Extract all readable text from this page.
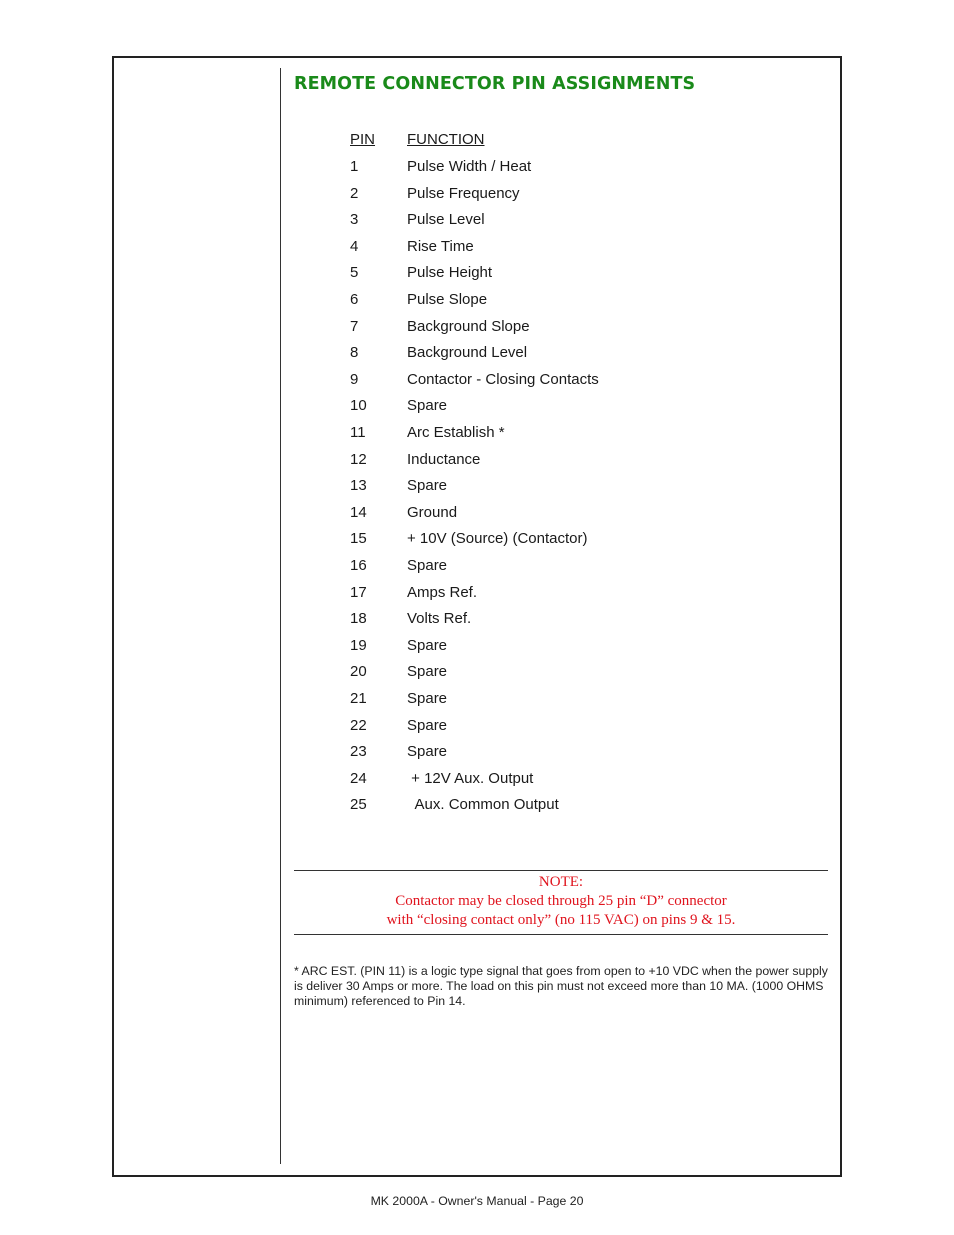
REMOTE CONNECTOR PIN ASSIGNMENTS
PIN FUNCTION
1	Pulse Width / Heat
2	Pulse Frequency
3	Pulse Level
4	Rise Time
5	Pulse Height
6	Pulse Slope
7	Background Slope
8	Background Level
9	Contactor - Closing Contacts
10	Spare
11	Arc Establish *
12	Inductance
13	Spare
14	Ground
15	+ 10V (Source) (Contactor)
16	Spare
17	Amps Ref.
18	Volts Ref.
19	Spare
20	Spare
21	Spare
22	Spare
23	Spare
24	+ 12V Aux. Output
25	Aux. Common Output
NOTE:
Contactor may be closed through 25 pin “D” connector
with “closing contact only” (no 115 VAC) on pins 9 & 15.
* ARC EST. (PIN 11) is a logic type signal that goes from open to +10 VDC when the power supply is deliver 30 Amps or more. The load on this pin must not exceed more than 10 MA. (1000 OHMS minimum) referenced to Pin 14.
MK 2000A - Owner's Manual - Page 20
